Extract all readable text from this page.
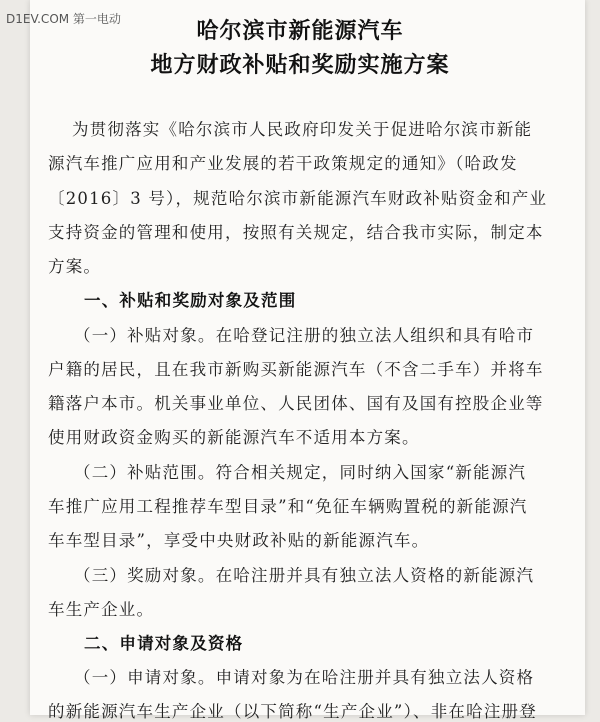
D1EV.COM 第一电动	哈尔滨市新能源汽车
地方财政补贴和奖励实施方案
为贯彻落实《哈尔滨市人民政府印发关于促进哈尔滨市新能
源汽车推广应用和产业发展的若干政策规定的通知》（哈政发
〔2016〕3 号），规范哈尔滨市新能源汽车财政补贴资金和产业
支持资金的管理和使用，按照有关规定，结合我市实际，制定本
方案。
一、补贴和奖励对象及范围
（一）补贴对象。在哈登记注册的独立法人组织和具有哈市
户籍的居民，且在我市新购买新能源汽车（不含二手车）并将车
籍落户本市。机关事业单位、人民团体、国有及国有控股企业等
使用财政资金购买的新能源汽车不适用本方案。
（二）补贴范围。符合相关规定，同时纳入国家“新能源汽
车推广应用工程推荐车型目录”和“免征车辆购置税的新能源汽
车车型目录”，享受中央财政补贴的新能源汽车。
（三）奖励对象。在哈注册并具有独立法人资格的新能源汽
车生产企业。
二、申请对象及资格
（一）申请对象。申请对象为在哈注册并具有独立法人资格
的新能源汽车生产企业（以下简称“生产企业”）、非在哈注册登
